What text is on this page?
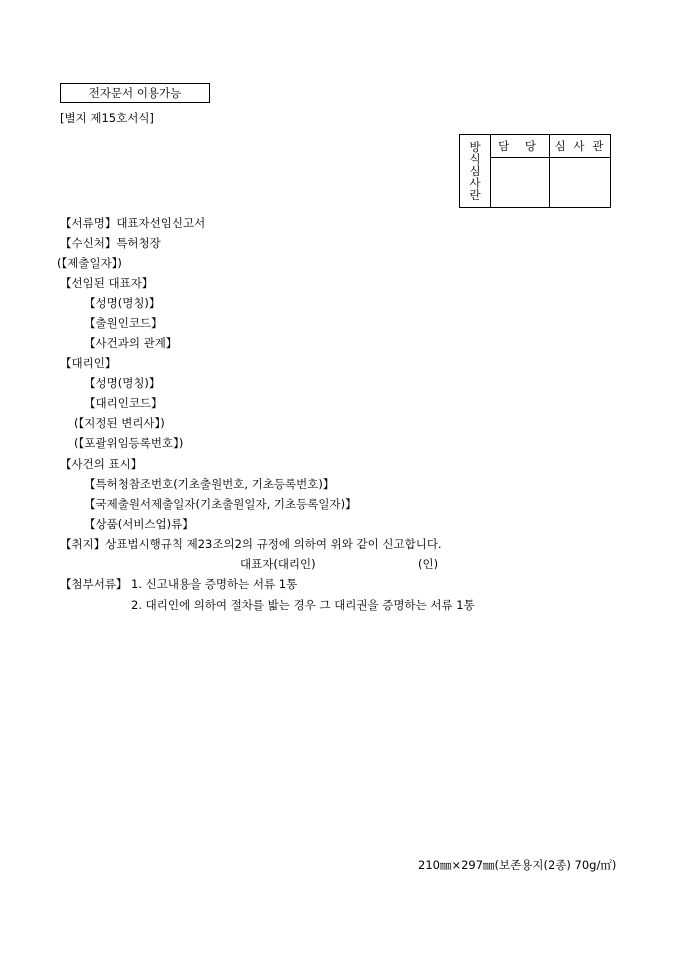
전자문서 이용가능
[별지 제15호서식]
방
식
심
사
란	담 당	심 사 관

【서류명】대표자선임신고서
【수신처】특허청장
(【제출일자】)
【선임된 대표자】
【성명(명칭)】
【출원인코드】
【사건과의 관계】
【대리인】
【성명(명칭)】
【대리인코드】
(【지정된 변리사】)
(【포괄위임등록번호】)
【사건의 표시】
【특허청참조번호(기초출원번호, 기초등록번호)】
【국제출원서제출일자(기초출원일자, 기초등록일자)】
【상품(서비스업)류】
【취지】상표법시행규칙 제23조의2의 규정에 의하여 위와 같이 신고합니다.
대표자(대리인)	(인)
【첨부서류】 1. 신고내용을 증명하는 서류 1통
2. 대리인에 의하여 절차를 밟는 경우 그 대리권을 증명하는 서류 1통
210㎜×297㎜(보존용지(2종) 70g/㎡)
